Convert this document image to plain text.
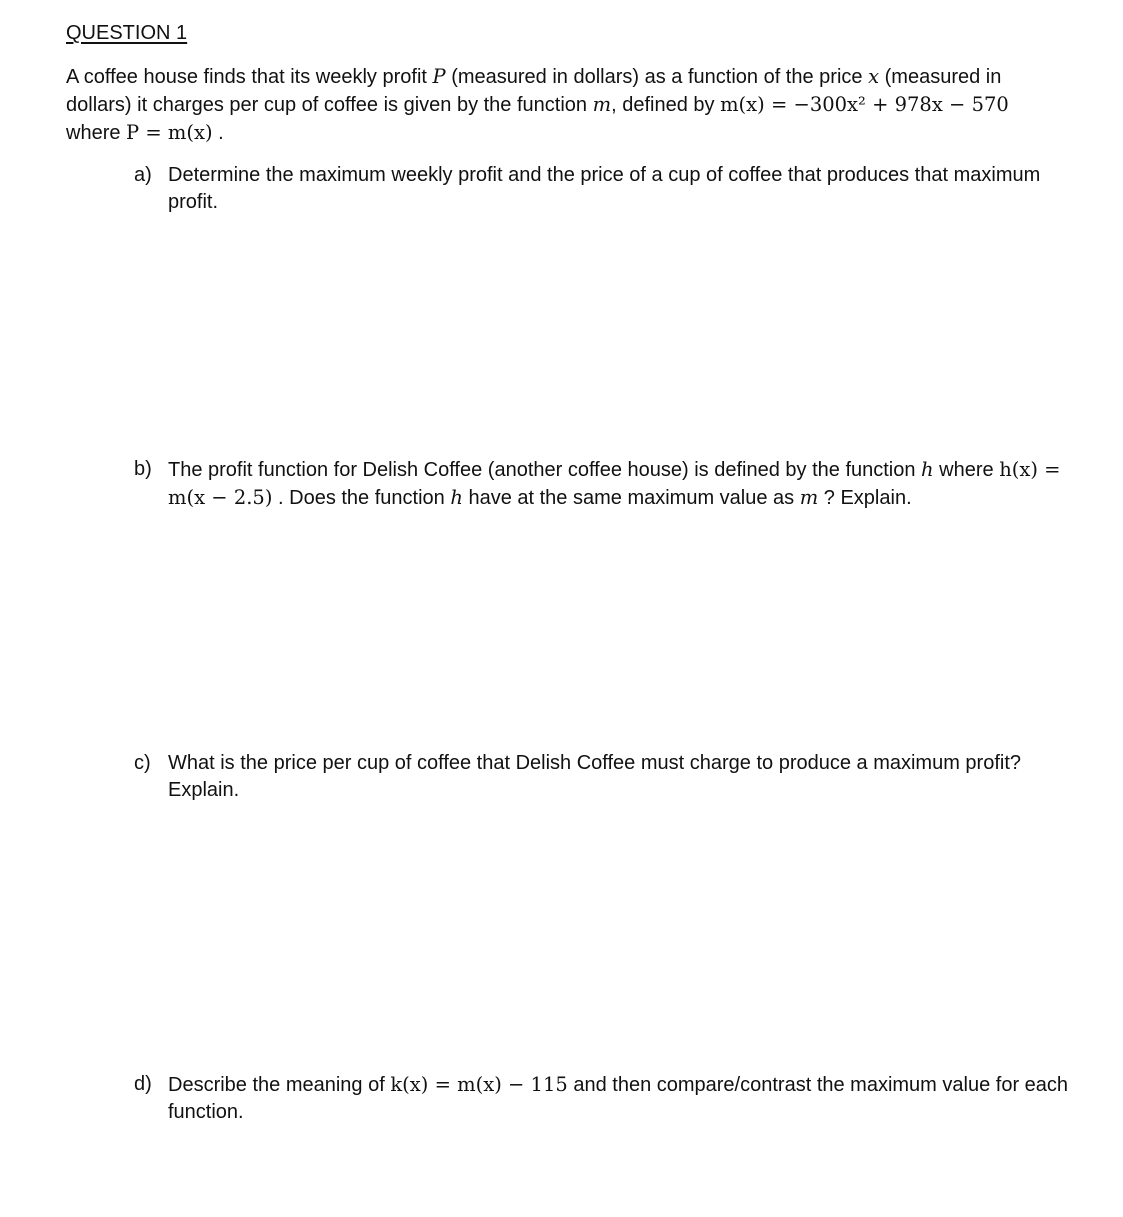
QUESTION 1
A coffee house finds that its weekly profit P (measured in dollars) as a function of the price x (measured in dollars) it charges per cup of coffee is given by the function m, defined by m(x) = −300x² + 978x − 570 where P = m(x) .
a) Determine the maximum weekly profit and the price of a cup of coffee that produces that maximum profit.
b) The profit function for Delish Coffee (another coffee house) is defined by the function h where h(x) = m(x − 2.5) . Does the function h have at the same maximum value as m ? Explain.
c) What is the price per cup of coffee that Delish Coffee must charge to produce a maximum profit? Explain.
d) Describe the meaning of k(x) = m(x) − 115 and then compare/contrast the maximum value for each function.
